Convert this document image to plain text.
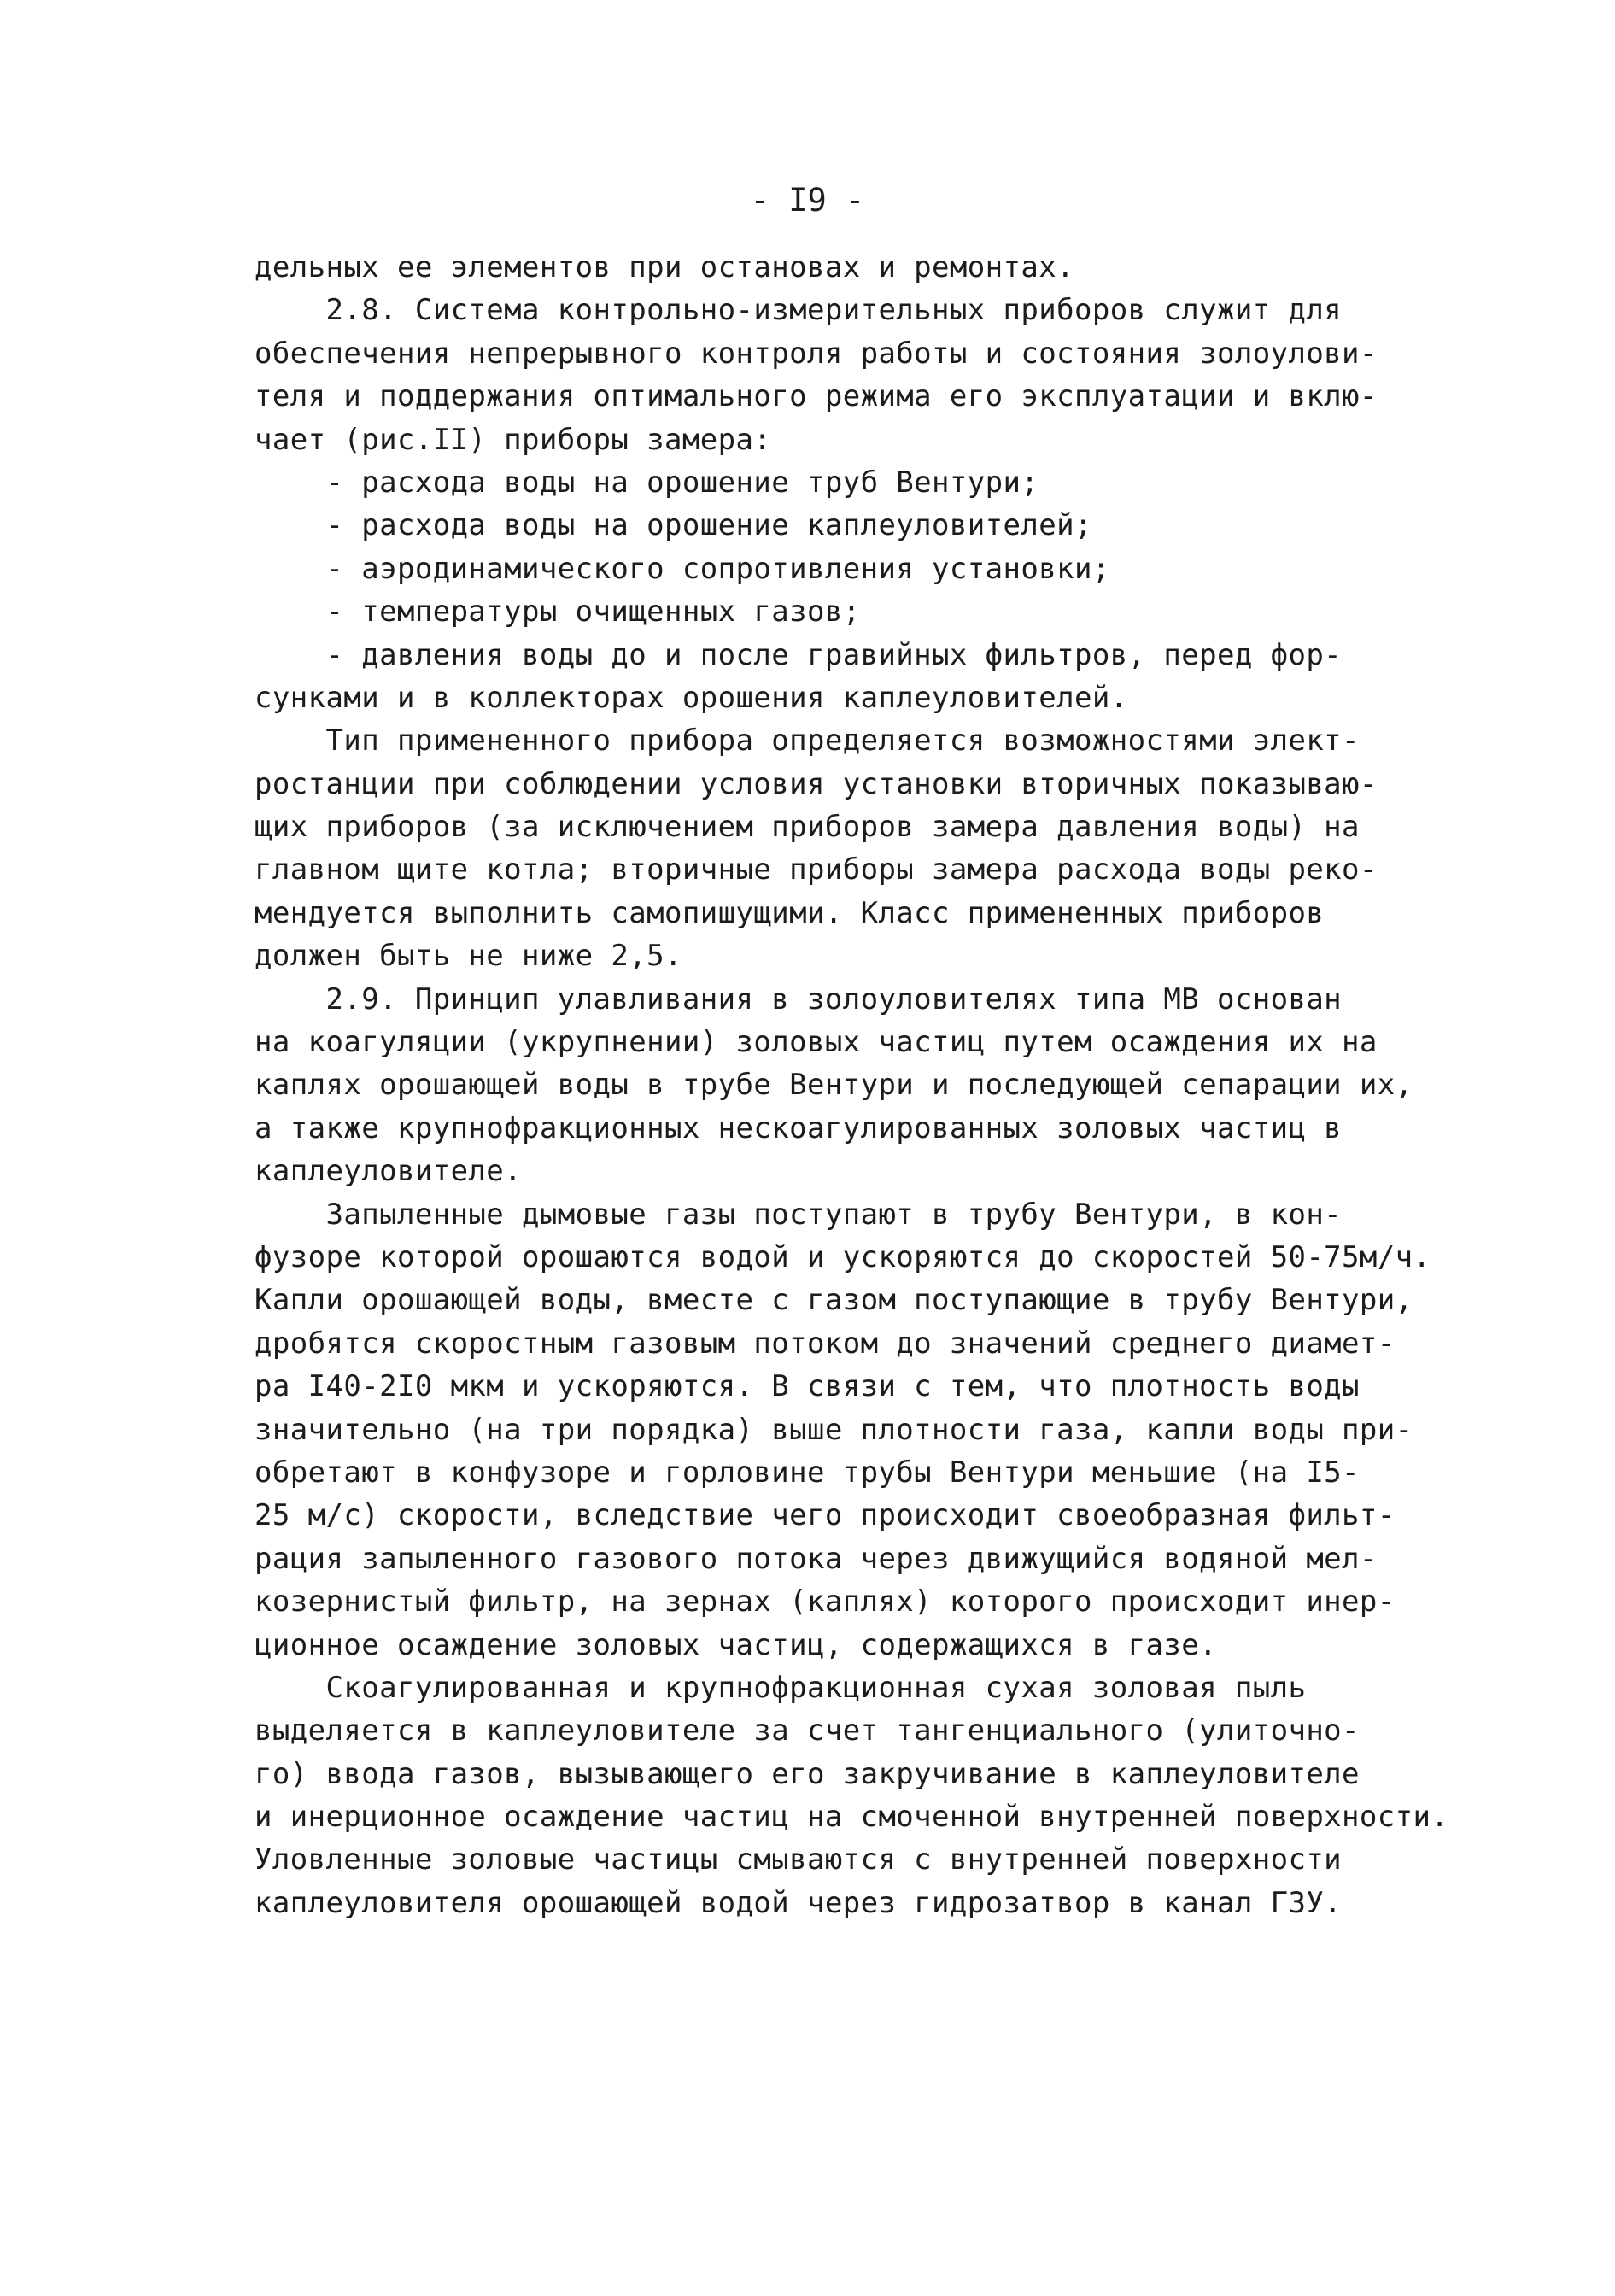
- I9 -
дельных ее элементов при остановах и ремонтах.
2.8. Система контрольно-измерительных приборов служит для
обеспечения непрерывного контроля работы и состояния золоулови-
теля и поддержания оптимального режима его эксплуатации и вклю-
чает (рис.II) приборы замера:
- расхода воды на орошение труб Вентури;
- расхода воды на орошение каплеуловителей;
- аэродинамического сопротивления установки;
- температуры очищенных газов;
- давления воды до и после гравийных фильтров, перед фор-
сунками и в коллекторах орошения каплеуловителей.
Тип примененного прибора определяется возможностями элект-
ростанции при соблюдении условия установки вторичных показываю-
щих приборов (за исключением приборов замера давления воды) на
главном щите котла; вторичные приборы замера расхода воды реко-
мендуется выполнить самопишущими. Класс примененных приборов
должен быть не ниже 2,5.
2.9. Принцип улавливания в золоуловителях типа МВ основан
на коагуляции (укрупнении) золовых частиц путем осаждения их на
каплях орошающей воды в трубе Вентури и последующей сепарации их,
а также крупнофракционных нескоагулированных золовых частиц в
каплеуловителе.
Запыленные дымовые газы поступают в трубу Вентури, в кон-
фузоре которой орошаются водой и ускоряются до скоростей 50-75м/ч.
Капли орошающей воды, вместе с газом поступающие в трубу Вентури,
дробятся скоростным газовым потоком до значений среднего диамет-
ра I40-2I0 мкм и ускоряются. В связи с тем, что плотность воды
значительно (на три порядка) выше плотности газа, капли воды при-
обретают в конфузоре и горловине трубы Вентури меньшие (на I5-
25 м/с) скорости, вследствие чего происходит своеобразная фильт-
рация запыленного газового потока через движущийся водяной мел-
козернистый фильтр, на зернах (каплях) которого происходит инер-
ционное осаждение золовых частиц, содержащихся в газе.
Скоагулированная и крупнофракционная сухая золовая пыль
выделяется в каплеуловителе за счет тангенциального (улиточно-
го) ввода газов, вызывающего его закручивание в каплеуловителе
и инерционное осаждение частиц на смоченной внутренней поверхности.
Уловленные золовые частицы смываются с внутренней поверхности
каплеуловителя орошающей водой через гидрозатвор в канал ГЗУ.
